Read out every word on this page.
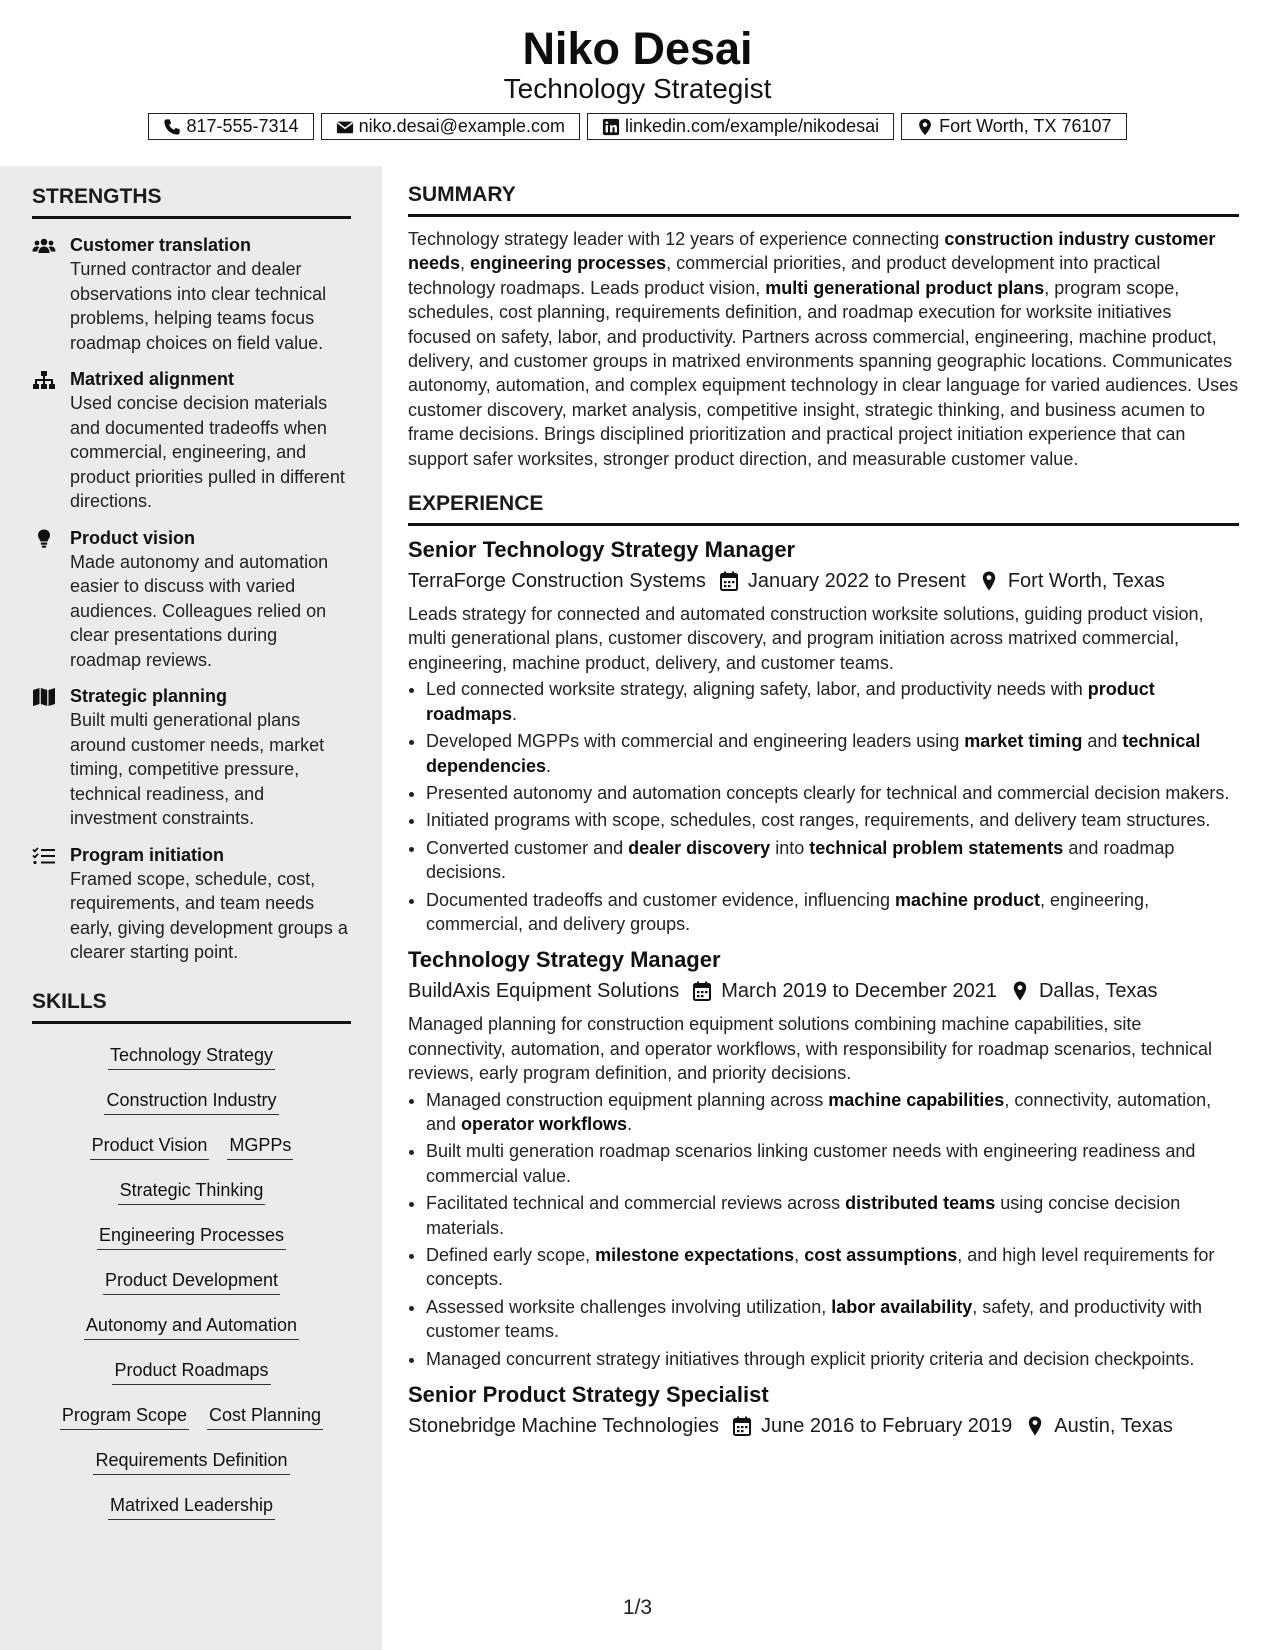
Niko Desai
Technology Strategist
817-555-7314	niko.desai@example.com	linkedin.com/example/nikodesai	Fort Worth, TX 76107
STRENGTHS
Customer translation
Turned contractor and dealer observations into clear technical problems, helping teams focus roadmap choices on field value.
Matrixed alignment
Used concise decision materials and documented tradeoffs when commercial, engineering, and product priorities pulled in different directions.
Product vision
Made autonomy and automation easier to discuss with varied audiences. Colleagues relied on clear presentations during roadmap reviews.
Strategic planning
Built multi generational plans around customer needs, market timing, competitive pressure, technical readiness, and investment constraints.
Program initiation
Framed scope, schedule, cost, requirements, and team needs early, giving development groups a clearer starting point.
SKILLS
Technology Strategy
Construction Industry
Product Vision MGPPs
Strategic Thinking
Engineering Processes
Product Development
Autonomy and Automation
Product Roadmaps
Program Scope Cost Planning
Requirements Definition
Matrixed Leadership
SUMMARY

Technology strategy leader with 12 years of experience connecting construction industry customer needs, engineering processes, commercial priorities, and product development into practical technology roadmaps. Leads product vision, multi generational product plans, program scope, schedules, cost planning, requirements definition, and roadmap execution for worksite initiatives focused on safety, labor, and productivity. Partners across commercial, engineering, machine product, delivery, and customer groups in matrixed environments spanning geographic locations. Communicates autonomy, automation, and complex equipment technology in clear language for varied audiences. Uses customer discovery, market analysis, competitive insight, strategic thinking, and business acumen to frame decisions. Brings disciplined prioritization and practical project initiation experience that can support safer worksites, stronger product direction, and measurable customer value.

EXPERIENCE
Senior Technology Strategy Manager
TerraForge Construction Systems January 2022 to Present Fort Worth, Texas
Leads strategy for connected and automated construction worksite solutions, guiding product vision, multi generational plans, customer discovery, and program initiation across matrixed commercial, engineering, machine product, delivery, and customer teams.
• Led connected worksite strategy, aligning safety, labor, and productivity needs with product roadmaps.
• Developed MGPPs with commercial and engineering leaders using market timing and technical dependencies.
• Presented autonomy and automation concepts clearly for technical and commercial decision makers.
• Initiated programs with scope, schedules, cost ranges, requirements, and delivery team structures.
• Converted customer and dealer discovery into technical problem statements and roadmap decisions.
• Documented tradeoffs and customer evidence, influencing machine product, engineering, commercial, and delivery groups.
Technology Strategy Manager
BuildAxis Equipment Solutions March 2019 to December 2021 Dallas, Texas
Managed planning for construction equipment solutions combining machine capabilities, site connectivity, automation, and operator workflows, with responsibility for roadmap scenarios, technical reviews, early program definition, and priority decisions.
• Managed construction equipment planning across machine capabilities, connectivity, automation, and operator workflows.
• Built multi generation roadmap scenarios linking customer needs with engineering readiness and commercial value.
• Facilitated technical and commercial reviews across distributed teams using concise decision materials.
• Defined early scope, milestone expectations, cost assumptions, and high level requirements for concepts.
• Assessed worksite challenges involving utilization, labor availability, safety, and productivity with customer teams.
• Managed concurrent strategy initiatives through explicit priority criteria and decision checkpoints.
Senior Product Strategy Specialist
Stonebridge Machine Technologies June 2016 to February 2019 Austin, Texas
1/3
